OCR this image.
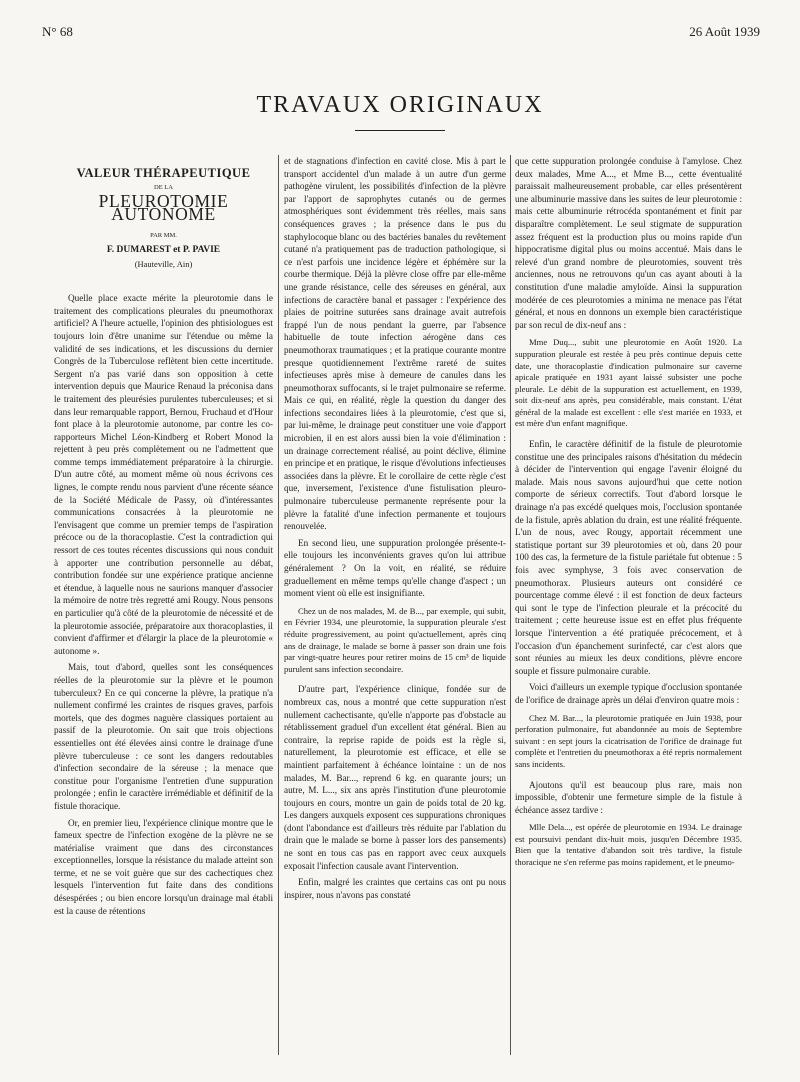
N° 68	26 Août 1939
TRAVAUX ORIGINAUX
VALEUR THÉRAPEUTIQUE
DE LA
PLEUROTOMIE AUTONOME
PAR MM.
F. DUMAREST et P. PAVIE
(Hauteville, Ain)

Quelle place exacte mérite la pleurotomie dans le traitement des complications pleurales du pneumothorax artificiel? A l'heure actuelle, l'opinion des phtisiologues est toujours loin d'être unanime sur l'étendue ou même la validité de ses indications, et les discussions du dernier Congrès de la Tuberculose reflètent bien cette incertitude. Sergent n'a pas varié dans son opposition à cette intervention depuis que Maurice Renaud la préconisa dans le traitement des pleurésies purulentes tuberculeuses; et si dans leur remarquable rapport, Bernou, Fruchaud et d'Hour font place à la pleurotomie autonome, par contre les co-rapporteurs Michel Léon-Kindberg et Robert Monod la rejettent à peu près complètement ou ne l'admettent que comme temps immédiatement préparatoire à la chirurgie. D'un autre côté, au moment même où nous écrivons ces lignes, le compte rendu nous parvient d'une récente séance de la Société Médicale de Passy, où d'intéressantes communications consacrées à la pleurotomie ne l'envisagent que comme un premier temps de l'aspiration précoce ou de la thoracoplastie. C'est la contradiction qui ressort de ces toutes récentes discussions qui nous conduit à apporter une contribution personnelle au débat, contribution fondée sur une expérience pratique ancienne et étendue, à laquelle nous ne saurions manquer d'associer la mémoire de notre très regretté ami Rougy. Nous pensons en particulier qu'à côté de la pleurotomie de nécessité et de la pleurotomie associée, préparatoire aux thoracoplasties, il convient d'affirmer et d'élargir la place de la pleurotomie « autonome ».

Mais, tout d'abord, quelles sont les conséquences réelles de la pleurotomie sur la plèvre et le poumon tuberculeux? En ce qui concerne la plèvre, la pratique n'a nullement confirmé les craintes de risques graves, parfois mortels, que des dogmes naguère classiques portaient au passif de la pleurotomie. On sait que trois objections essentielles ont été élevées ainsi contre le drainage d'une plèvre tuberculeuse : ce sont les dangers redoutables d'infection secondaire de la séreuse ; la menace que constitue pour l'organisme l'entretien d'une suppuration prolongée ; enfin le caractère irrémédiable et définitif de la fistule thoracique.

Or, en premier lieu, l'expérience clinique montre que le fameux spectre de l'infection exogène de la plèvre ne se matérialise vraiment que dans des circonstances exceptionnelles, lorsque la résistance du malade atteint son terme, et ne se voit guère que sur des cachectiques chez lesquels l'intervention fut faite dans des conditions désespérées ; ou bien encore lorsqu'un drainage mal établi est la cause de rétentions

et de stagnations d'infection en cavité close. Mis à part le transport accidentel d'un malade à un autre d'un germe pathogène virulent, les possibilités d'infection de la plèvre par l'apport de saprophytes cutanés ou de germes atmosphériques sont évidemment très réelles, mais sans conséquences graves ; la présence dans le pus du staphylocoque blanc ou des bactéries banales du revêtement cutané n'a pratiquement pas de traduction pathologique, si ce n'est parfois une incidence légère et éphémère sur la courbe thermique. Déjà la plèvre close offre par elle-même une grande résistance, celle des séreuses en général, aux infections de caractère banal et passager : l'expérience des plaies de poitrine suturées sans drainage avait autrefois frappé l'un de nous pendant la guerre, par l'absence habituelle de toute infection aérogène dans ces pneumothorax traumatiques ; et la pratique courante montre presque quotidiennement l'extrême rareté de suites infectieuses après mise à demeure de canules dans les pneumothorax suffocants, si le trajet pulmonaire se referme. Mais ce qui, en réalité, règle la question du danger des infections secondaires liées à la pleurotomie, c'est que si, par lui-même, le drainage peut constituer une voie d'apport microbien, il en est alors aussi bien la voie d'élimination : un drainage correctement réalisé, au point déclive, élimine en principe et en pratique, le risque d'évolutions infectieuses associées dans la plèvre. Et le corollaire de cette règle c'est que, inversement, l'existence d'une fistulisation pleuro-pulmonaire tuberculeuse permanente représente pour la plèvre la fatalité d'une infection permanente et toujours renouvelée.

En second lieu, une suppuration prolongée présente-t-elle toujours les inconvénients graves qu'on lui attribue généralement ? On la voit, en réalité, se réduire graduellement en même temps qu'elle change d'aspect ; un moment vient où elle est insignifiante.

Chez un de nos malades, M. de B..., par exemple, qui subit, en Février 1934, une pleurotomie, la suppuration pleurale s'est réduite progressivement, au point qu'actuellement, après cinq ans de drainage, le malade se borne à passer son drain une fois par vingt-quatre heures pour retirer moins de 15 cm³ de liquide purulent sans infection secondaire.

D'autre part, l'expérience clinique, fondée sur de nombreux cas, nous a montré que cette suppuration n'est nullement cachectisante, qu'elle n'apporte pas d'obstacle au rétablissement graduel d'un excellent état général. Bien au contraire, la reprise rapide de poids est la règle si, naturellement, la pleurotomie est efficace, et elle se maintient parfaitement à échéance lointaine : un de nos malades, M. Bar..., reprend 6 kg. en quarante jours; un autre, M. L..., six ans après l'institution d'une pleurotomie toujours en cours, montre un gain de poids total de 20 kg. Les dangers auxquels exposent ces suppurations chroniques (dont l'abondance est d'ailleurs très réduite par l'ablation du drain que le malade se borne à passer lors des pansements) ne sont en tous cas pas en rapport avec ceux auxquels exposait l'infection causale avant l'intervention.

Enfin, malgré les craintes que certains cas ont pu nous inspirer, nous n'avons pas constaté

que cette suppuration prolongée conduise à l'amylose. Chez deux malades, Mme A..., et Mme B..., cette éventualité paraissait malheureusement probable, car elles présentèrent une albuminurie massive dans les suites de leur pleurotomie : mais cette albuminurie rétrocéda spontanément et finit par disparaître complètement. Le seul stigmate de suppuration assez fréquent est la production plus ou moins rapide d'un hippocratisme digital plus ou moins accentué. Mais dans le relevé d'un grand nombre de pleurotomies, souvent très anciennes, nous ne retrouvons qu'un cas ayant abouti à la constitution d'une maladie amyloïde. Ainsi la suppuration modérée de ces pleurotomies a minima ne menace pas l'état général, et nous en donnons un exemple bien caractéristique par son recul de dix-neuf ans :

Mme Duq..., subit une pleurotomie en Août 1920. La suppuration pleurale est restée à peu près continue depuis cette date, une thoracoplastie d'indication pulmonaire sur caverne apicale pratiquée en 1931 ayant laissé subsister une poche pleurale. Le débit de la suppuration est actuellement, en 1939, soit dix-neuf ans après, peu considérable, mais constant. L'état général de la malade est excellent : elle s'est mariée en 1933, et est mère d'un enfant magnifique.

Enfin, le caractère définitif de la fistule de pleurotomie constitue une des principales raisons d'hésitation du médecin à décider de l'intervention qui engage l'avenir éloigné du malade. Mais nous savons aujourd'hui que cette notion comporte de sérieux correctifs. Tout d'abord lorsque le drainage n'a pas excédé quelques mois, l'occlusion spontanée de la fistule, après ablation du drain, est une réalité fréquente. L'un de nous, avec Rougy, apportait récemment une statistique portant sur 39 pleurotomies et où, dans 20 pour 100 des cas, la fermeture de la fistule pariétale fut obtenue : 5 fois avec symphyse, 3 fois avec conservation de pneumothorax. Plusieurs auteurs ont considéré ce pourcentage comme élevé : il est fonction de deux facteurs qui sont le type de l'infection pleurale et la précocité du traitement ; cette heureuse issue est en effet plus fréquente lorsque l'intervention a été pratiquée précocement, et à l'occasion d'un épanchement surinfecté, car c'est alors que sont réunies au mieux les deux conditions, plèvre encore souple et fissure pulmonaire curable.

Voici d'ailleurs un exemple typique d'occlusion spontanée de l'orifice de drainage après un délai d'environ quatre mois :

Chez M. Bar..., la pleurotomie pratiquée en Juin 1938, pour perforation pulmonaire, fut abandonnée au mois de Septembre suivant : en sept jours la cicatrisation de l'orifice de drainage fut complète et l'entretien du pneumothorax a été repris normalement sans incidents.

Ajoutons qu'il est beaucoup plus rare, mais non impossible, d'obtenir une fermeture simple de la fistule à échéance assez tardive :

Mlle Dela..., est opérée de pleurotomie en 1934. Le drainage est poursuivi pendant dix-huit mois, jusqu'en Décembre 1935. Bien que la tentative d'abandon soit très tardive, la fistule thoracique ne s'en referme pas moins rapidement, et le pneumo-
